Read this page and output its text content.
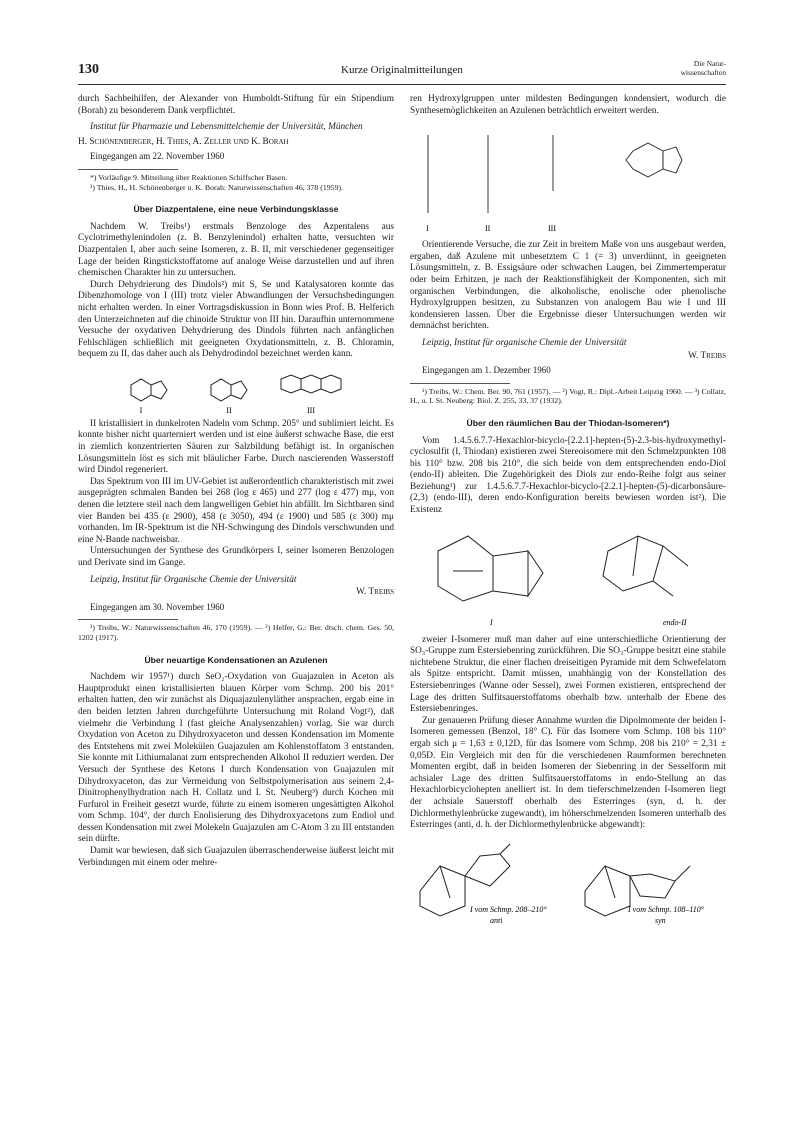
130	Kurze Originalmitteilungen
Die Natur-
wissenschaften

durch Sachbeihilfen, der Alexander von Humboldt-Stiftung für ein Stipendium (Borah) zu besonderem Dank verpflichtet.

Institut für Pharmazie und Lebensmittelchemie der Universität, München

H. Schönenberger, H. Thies, A. Zeller und K. Borah

Eingegangen am 22. November 1960

*) Vorläufige 9. Mitteilung über Reaktionen Schiffscher Basen.

¹) Thies, H., H. Schönenberger u. K. Borah: Naturwissenschaften 46, 378 (1959).

Über Diazpentalene, eine neue Verbindungsklasse

Nachdem W. Treibs¹) erstmals Benzologe des Azpentalens aus Cyclotrimethylenindolen (z. B. Benzylenindol) erhalten hatte, versuchten wir Diazpentalen I, aber auch seine Isomeren, z. B. II, mit verschiedener gegenseitiger Lage der beiden Ringstickstoffatome auf analoge Weise darzustellen und auf ihren chemischen Charakter hin zu untersuchen.

Durch Dehydrierung des Dindols²) mit S, Se und Katalysatoren konnte das Dibenzhomologe von I (III) trotz vieler Abwandlungen der Versuchsbedingungen nicht erhalten werden. In einer Vortragsdiskussion in Bonn wies Prof. B. Helferich den Unterzeichneten auf die chinoide Struktur von III hin. Daraufhin unternommene Versuche der oxydativen Dehydrierung des Dindols führten nach anfänglichen Fehlschlägen schließlich mit geeigneten Oxydationsmitteln, z. B. Chloramin, bequem zu II, das daher auch als Dehydrodindol bezeichnet werden kann.

I	II	III

II kristallisiert in dunkelroten Nadeln vom Schmp. 205° und sublimiert leicht. Es konnte bisher nicht quarterniert werden und ist eine äußerst schwache Base, die erst in ziemlich konzentrierten Säuren zur Salzbildung befähigt ist. In organischen Lösungsmitteln löst es sich mit bläulicher Farbe. Durch nascierenden Wasserstoff wird Dindol regeneriert.

Das Spektrum von III im UV-Gebiet ist außerordentlich charakteristisch mit zwei ausgeprägten schmalen Banden bei 268 (log ε 465) und 277 (log ε 477) mμ, von denen die letztere steil nach dem langwelligen Gebiet hin abfällt. Im Sichtbaren sind vier Banden bei 435 (ε 2900), 458 (ε 3050), 494 (ε 1900) und 585 (ε 300) mμ vorhanden. Im IR-Spektrum ist die NH-Schwingung des Dindols verschwunden und eine N-Bande nachweisbar.

Untersuchungen der Synthese des Grundkörpers I, seiner Isomeren Benzologen und Derivate sind im Gange.

Leipzig, Institut für Organische Chemie der Universität

W. Treibs

Eingegangen am 30. November 1960

¹) Treibs, W.: Naturwissenschaften 46, 170 (1959). — ²) Helfer, G.: Ber. dtsch. chem. Ges. 50, 1202 (1917).

Über neuartige Kondensationen an Azulenen

Nachdem wir 1957¹) durch SeO₂-Oxydation von Guajazulen in Aceton als Hauptprodukt einen kristallisierten blauen Körper vom Schmp. 200 bis 201° erhalten hatten, den wir zunächst als Diquajazulenyläther ansprachen, ergab eine in den beiden letzten Jahren durchgeführte Untersuchung mit Roland Vogt²), daß vielmehr die Verbindung I (fast gleiche Analysenzahlen) vorlag. Sie war durch Oxydation von Aceton zu Dihydroxyaceton und dessen Kondensation im Momente des Entstehens mit zwei Molekülen Guajazulen am Kohlenstoffatom 3 entstanden. Sie konnte mit Lithiumalanat zum entsprechenden Alkohol II reduziert werden. Der Versuch der Synthese des Ketons I durch Kondensation von Guajazulen mit Dihydroxyaceton, das zur Vermeidung von Selbstpolymerisation aus seinem 2,4-Dinitrophenylhydration nach H. Collatz und I. St. Neuberg³) durch Kochen mit Furfurol in Freiheit gesetzt wurde, führte zu einem isomeren ungesättigten Alkohol vom Schmp. 104°, der durch Enolisierung des Dihydroxyacetons zum Endiol und dessen Kondensation mit zwei Molekeln Guajazulen am C-Atom 3 zu III entstanden sein dürfte.

Damit war bewiesen, daß sich Guajazulen überraschenderweise äußerst leicht mit Verbindungen mit einem oder mehre-

ren Hydroxylgruppen unter mildesten Bedingungen kondensiert, wodurch die Synthesemöglichkeiten an Azulenen beträchtlich erweitert werden.

I	II	III

Orientierende Versuche, die zur Zeit in breitem Maße von uns ausgebaut werden, ergaben, daß Azulene mit unbesetztem C 1 (= 3) unverdünnt, in geeigneten Lösungsmitteln, z. B. Essigsäure oder schwachen Laugen, bei Zimmertemperatur oder beim Erhitzen, je nach der Reaktionsfähigkeit der Komponenten, sich mit organischen Verbindungen, die alkoholische, enolische oder phenolische Hydroxylgruppen besitzen, zu Substanzen von analogem Bau wie I und III kondensieren lassen. Über die Ergebnisse dieser Untersuchungen werden wir demnächst berichten.

Leipzig, Institut für organische Chemie der Universität

W. Treibs

Eingegangen am 1. Dezember 1960

¹) Treibs, W.: Chem. Ber. 90, 761 (1957). — ²) Vogt, R.: Dipl.-Arbeit Leipzig 1960. — ³) Collatz, H., u. I. St. Neuberg: Biol. Z. 255, 33, 37 (1932).

Über den räumlichen Bau der Thiodan-Isomeren*)

Vom 1.4.5.6.7.7-Hexachlor-bicyclo-[2.2.1]-hepten-(5)-2.3-bis-hydroxymethyl-cyclosulfit (I, Thiodan) existieren zwei Stereoisomere mit den Schmelzpunkten 108 bis 110° bzw. 208 bis 210°, die sich beide von dem entsprechenden endo-Diol (endo-II) ableiten. Die Zugehörigkeit des Diols zur endo-Reihe folgt aus seiner Beziehung¹) zur 1.4.5.6.7.7-Hexachlor-bicyclo-[2.2.1]-hepten-(5)-dicarbonsäure-(2,3) (endo-III), deren endo-Konfiguration bereits bewiesen worden ist²). Die Existenz

I	endo-II

zweier I-Isomerer muß man daher auf eine unterschiedliche Orientierung der SO₃-Gruppe zum Estersiebenring zurückführen. Die SO₃-Gruppe besitzt eine stabile nichtebene Struktur, die einer flachen dreiseitigen Pyramide mit dem Schwefelatom als Spitze entspricht. Damit müssen, unabhängig von der Konstellation des Estersiebenringes (Wanne oder Sessel), zwei Formen existieren, entsprechend der Lage des dritten Sulfitsauerstoffatoms oberhalb bzw. unterhalb der Ebene des Estersiebenringes.

Zur genaueren Prüfung dieser Annahme wurden die Dipolmomente der beiden I-Isomeren gemessen (Benzol, 18° C). Für das Isomere vom Schmp. 108 bis 110° ergab sich μ = 1,63 ± 0,12D, für das Isomere vom Schmp. 208 bis 210° = 2,31 ± 0,05D. Ein Vergleich mit den für die verschiedenen Raumformen berechneten Momenten ergibt, daß in beiden Isomeren der Siebenring in der Sesselform mit achsialer Lage des dritten Sulfitsauerstoffatoms in endo-Stellung an das Hexachlorbicyclohepten anelliert ist. In dem tieferschmelzenden I-Isomeren liegt der achsiale Sauerstoff oberhalb des Esterringes (syn, d. h. der Dichlormethylenbrücke zugewandt), im höherschmelzenden Isomeren unterhalb des Esterringes (anti, d. h. der Dichlormethylenbrücke abgewandt):

I vom Schmp. 208–210°
anti
I vom Schmp. 108–110°
syn
